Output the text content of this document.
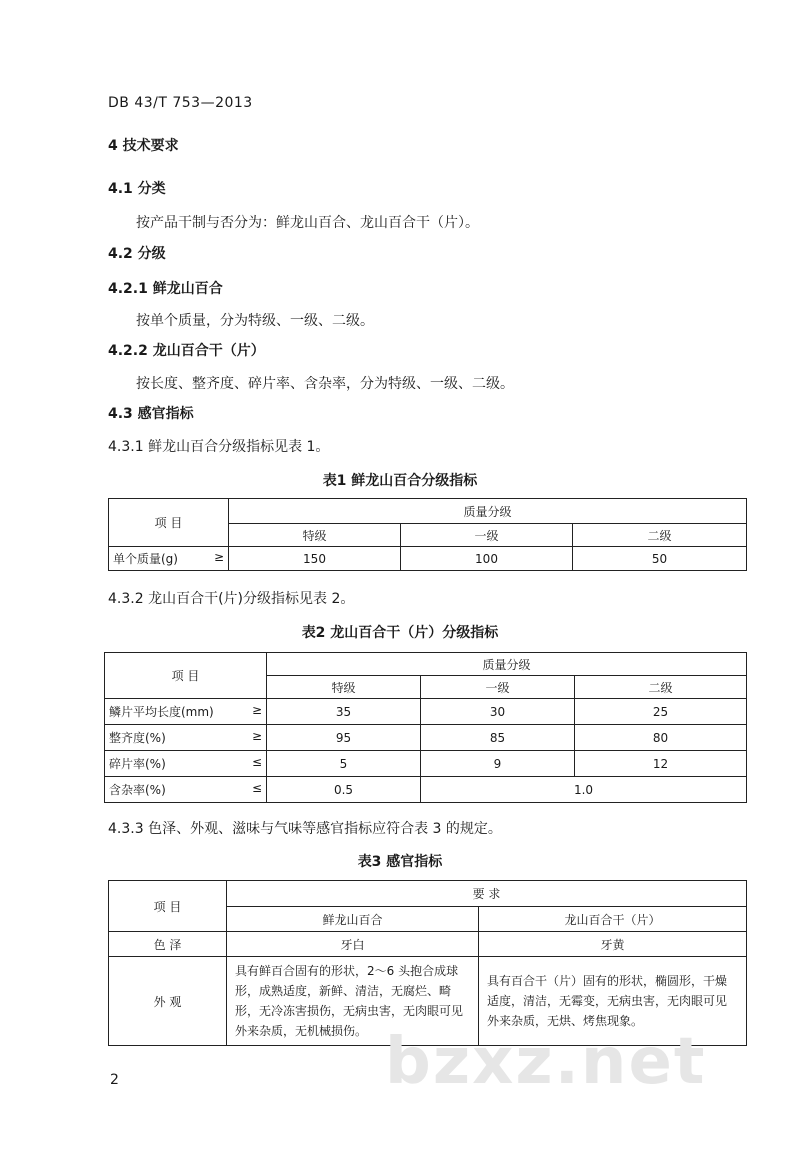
DB 43/T 753—2013
4 技术要求
4.1 分类
按产品干制与否分为：鲜龙山百合、龙山百合干（片）。
4.2 分级
4.2.1 鲜龙山百合
按单个质量，分为特级、一级、二级。
4.2.2 龙山百合干（片）
按长度、整齐度、碎片率、含杂率，分为特级、一级、二级。
4.3 感官指标
4.3.1 鲜龙山百合分级指标见表 1。
表1 鲜龙山百合分级指标
项 目	质量分级		
	特级	一级	二级
单个质量(g) ≥	150	100	50
4.3.2 龙山百合干(片)分级指标见表 2。
表2 龙山百合干（片）分级指标
项 目	质量分级		
	特级	一级	二级
鳞片平均长度(mm) ≥	35	30	25
整齐度(%) ≥	95	85	80
碎片率(%) ≤	5	9	12
含杂率(%) ≤	0.5	1.0	
4.3.3 色泽、外观、滋味与气味等感官指标应符合表 3 的规定。
表3 感官指标
项 目	要 求	
	鲜龙山百合	龙山百合干（片）
色 泽	牙白	牙黄
外 观	具有鲜百合固有的形状，2～6 头抱合成球形，成熟适度，新鲜、清洁，无腐烂、畸形，无冷冻害损伤，无病虫害，无肉眼可见外来杂质，无机械损伤。	具有百合干（片）固有的形状，椭圆形，干燥适度，清洁，无霉变，无病虫害，无肉眼可见外来杂质，无烘、烤焦现象。
bzxz.net
2
